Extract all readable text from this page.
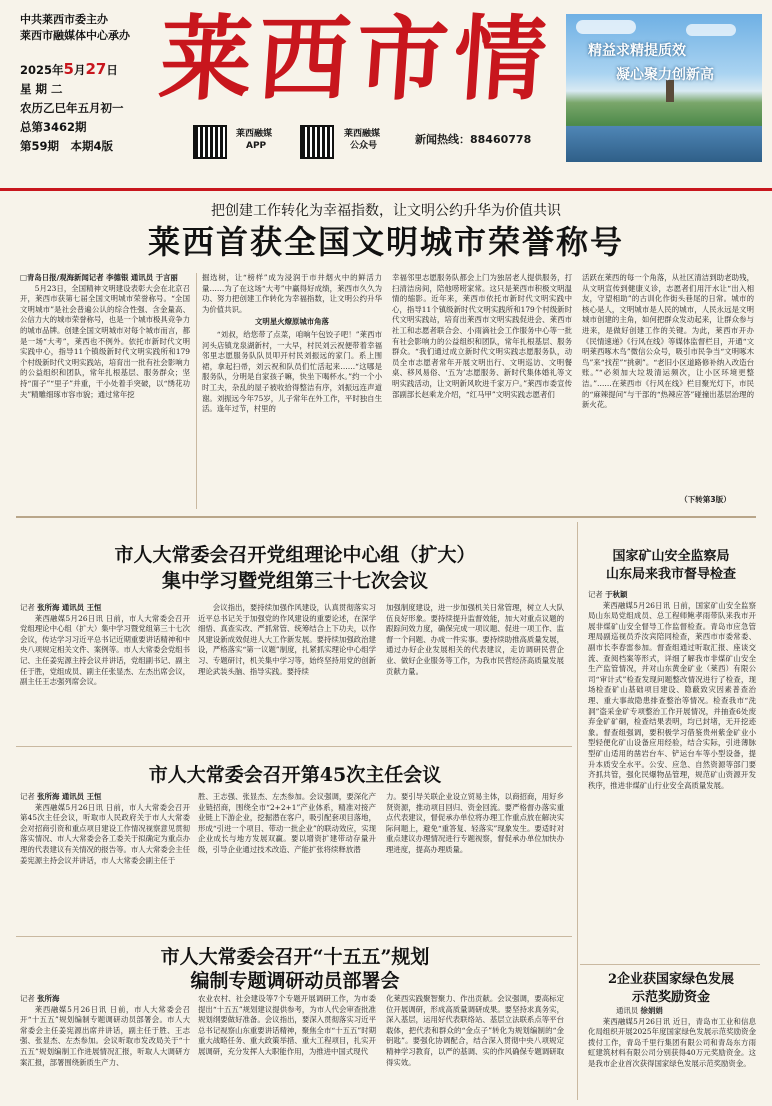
中共莱西市委主办
莱西市融媒体中心承办
2025年5月27日
星 期 二
农历乙巳年五月初一
总第3462期
第59期　本期4版
莱西市情
莱西融媒
APP
莱西融媒
公众号	新闻热线：88460778
精益求精提质效
凝心聚力创新高
把创建工作转化为幸福指数，让文明公约升华为价值共识
莱西首获全国文明城市荣誉称号

□青岛日报/观海新闻记者 李德银 通讯员 于言丽

5月23日，全国精神文明建设表彰大会在北京召开，莱西市获第七届全国文明城市荣誉称号。“全国文明城市”是社会普遍公认的综合性强、含金量高、公信力大的城市荣誉称号，也是一个城市极具竞争力的城市品牌。创建全国文明城市对每个城市而言，都是一场“大考”，莱西也不例外。依托市新时代文明实践中心，指导11个镇级新时代文明实践所和179个村级新时代文明实践站，培育出一批有社会影响力的公益组织和团队，常年扎根基层、服务群众；坚持“面子”“里子”并重，干小处着手突破，以“绣花功夫”精雕细琢市容市貌；通过常年挖

掘选树，让“榜样”成为浸润于市井烟火中的鲜活力量……为了在这场“大考”中赢得好成绩，莱西市久久为功、努力把创建工作转化为幸福指数，让文明公约升华为价值共识。

文明星火燎原城市角落

“刘叔，给您带了点菜，咱晌午包饺子吧！”莱西市河头店镇龙泉湖新村，一大早，村民刘云祝便带着幸福邻里志愿服务队队员叩开村民刘振远的家门。系上围裙，拿起扫帚，刘云祝和队员们忙活起来……“这哪是服务队，分明是自家孩子嘛，快坐下喝杯水。”约一个小时工夫，杂乱的屋子被收拾得整洁有序，刘振远连声道谢。刘振远今年75岁，儿子常年在外工作，平时独自生活。逢年过节，村里的

幸福邻里志愿服务队都会上门为独居老人提供服务，打扫清洁房间，陪他唠唠家常。这只是莱西市积极文明温情的缩影。近年来，莱西市依托市新时代文明实践中心，指导11个镇级新时代文明实践所和179个村级新时代文明实践站，培育出莱西市文明实践促进会、莱西市社工和志愿者联合会、小雨滴社会工作服务中心等一批有社会影响力的公益组织和团队，常年扎根基层、服务群众。“我们通过成立新时代文明实践志愿服务队，动员全市志愿者常年开展文明出行、文明巡访、文明餐桌、移风易俗、‘五为’志愿服务、新时代集体婚礼等文明实践活动，让文明新风吹进千家万户。”莱西市委宣传部副部长赵乘龙介绍，“红马甲”文明实践志愿者们

活跃在莱西的每一个角落，从社区清洁到助老助残，从文明宣传到健康义诊，志愿者们用汗水让“出入相友，守望相助”的古训化作街头巷尾的日常。城市的核心是人，文明城市是人民的城市，人民永远是文明城市创建的主角，如何把群众发动起来，让群众参与进来，是做好创建工作的关键。为此，莱西市开办《民情速递》《行风在线》等媒体监督栏目，开通“文明莱西啄木鸟”微信公众号，吸引市民争当“文明啄木鸟”来“找茬”“挑刺”。“老旧小区道路修补纳入改造台账。”“必须加大垃圾清运频次，让小区环境更整洁。”……在莱西市《行风在线》栏目聚光灯下，市民的“麻辣提问”与干部的“热辣应答”碰撞出基层治理的新火花。

（下转第3版）
市人大常委会召开党组理论中心组（扩大）
集中学习暨党组第三十七次会议

记者 张所海 通讯员 王恒

莱西融媒5月26日讯 日前，市人大常委会召开党组理论中心组（扩大）集中学习暨党组第三十七次会议，传达学习习近平总书记近期重要讲话精神和中央八项规定相关文件、案例等。市人大常委会党组书记、主任姜宪源主持会议并讲话，党组副书记、副主任于胜，党组成员、副主任张显杰、左杰出席会议，副主任王志强列席会议。

会议指出，要持续加强作风建设，认真贯彻落实习近平总书记关于加强党的作风建设的重要论述，在深学细悟、真查实改、严抓常管、统筹结合上下功夫，以作风建设新成效促进人大工作新发展。要持续加强政治建设，严格落实“第一议题”制度，扎紧抓实理论中心组学习、专题研讨，机关集中学习等，始终坚持用党的创新理论武装头脑、指导实践。要持续

加强制度建设，进一步加强机关日常管理，树立人大队伍良好形象。要持续提升监督效能，加大对重点议题的跟踪问效力度，确保完成一项议题、促进一项工作、监督一个问题、办成一件实事。要持续助推高质量发展，通过办好企业发展相关的代表建议，走访调研民营企业、做好企业服务等工作，为我市民营经济高质量发展贡献力量。

市人大常委会召开第45次主任会议

记者 张所海 通讯员 王恒

莱西融媒5月26日讯 日前，市人大常委会召开第45次主任会议，听取市人民政府关于市人大常委会对招商引资和重点项目建设工作情况视察意见贯彻落实情况、市人大常委会各工委关于拟确定为重点办理的代表建议有关情况的报告等。市人大常委会主任姜宪源主持会议并讲话，市人大常委会副主任于

胜、王志强、张显杰、左杰参加。会议强调，要深化产业链招商，围绕全市“2+2+1”产业体系，精准对接产业链上下游企业，挖掘潜在客户，吸引配套项目落地，形成“引进一个项目、带动一批企业”的联动效应，实现企业成长与地方发展双赢。要以增资扩建带动存量升级，引导企业通过技术改造、产能扩张将续释放潜

力。要引导关联企业设立贸易主体，以商招商，用好乡贤资源，推动项目回归、资金回流。要严格督办落实重点代表建议，督促承办单位将办理工作重点放在解决实际问题上，避免“重答复、轻落实”现象发生。要适时对重点建议办理情况进行专题视察，督促承办单位加快办理进度，提高办理质量。

市人大常委会召开“十五五”规划
编制专题调研动员部署会

记者 张所海

莱西融媒5月26日讯 日前，市人大常委会召开“十五五”规划编制专题调研动员部署会。市人大常委会主任姜宪源出席并讲话，副主任于胜、王志强、张显杰、左杰参加。会议听取市发改局关于“十五五”规划编制工作进展情况汇报，听取人大调研方案汇报，部署围绕新质生产力、

农业农村、社会建设等7个专题开展调研工作，为市委提出“十五五”规划建议提供参考，为市人代会审查批准规划纲要做好准备。会议指出，要深入贯彻落实习近平总书记视察山东重要讲话精神，聚焦全市“十五五”时期重大战略任务、重大政策举措、重大工程项目，扎实开展调研，充分发挥人大职能作用，为推进中国式现代

化莱西实践聚智聚力、作出贡献。会议强调，要高标定位开展调研，形成高质量调研成果。要坚持求真务实，深入基层，运用好代表联络站、基层立法联系点等平台载体，把代表和群众的“金点子”转化为规划编制的“金钥匙”。要强化协调配合，结合深入贯彻中央八项规定精神学习教育，以严的基调、实的作风确保专题调研取得实效。

国家矿山安全监察局
山东局来我市督导检查

记者 于秋颖

莱西融媒5月26日讯 日前，国家矿山安全监察局山东局党组成员、总工程师鲍孝雨带队来我市开展非煤矿山安全督导工作监督检查。青岛市应急管理局副巡视员乔汝宾陪同检查，莱西市市委常委、副市长李春雷参加。督查组通过听取汇报、座谈交流、查阅档案等形式，详细了解我市非煤矿山安全生产监管情况，并对山东黄金矿业（莱西）有限公司“审计式”检查发现问题整改情况进行了检查，现场检查矿山基础项目建设、隐蔽致灾因素普查治理、重大事故隐患排查整治等情况。检查我市“洗洞”盗采金矿专项整治工作开展情况，并抽查6处废弃金矿矿硐，检查结果表明，均已封堵，无开挖迹象。督查组强调，要积极学习借鉴贵州紫金矿业小型轻便化矿山设备应用经验，结合实际，引进薄脉型矿山适用的凿岩台车、铲运台车等小型设备，提升本质安全水平。公安、应急、自然资源等部门要齐抓共管，强化民爆物品管理，规范矿山资源开发秩序，推进非煤矿山行业安全高质量发展。

2企业获国家绿色发展
示范奖励资金

通讯员 徐娟娟

莱西融媒5月26日讯 近日，青岛市工业和信息化局组织开展2025年度国家绿色发展示范奖励资金拨付工作，青岛千里行集团有限公司和青岛东方雨虹建筑材料有限公司分别获得40万元奖励资金。这是我市企业首次获得国家绿色发展示范奖励资金。
